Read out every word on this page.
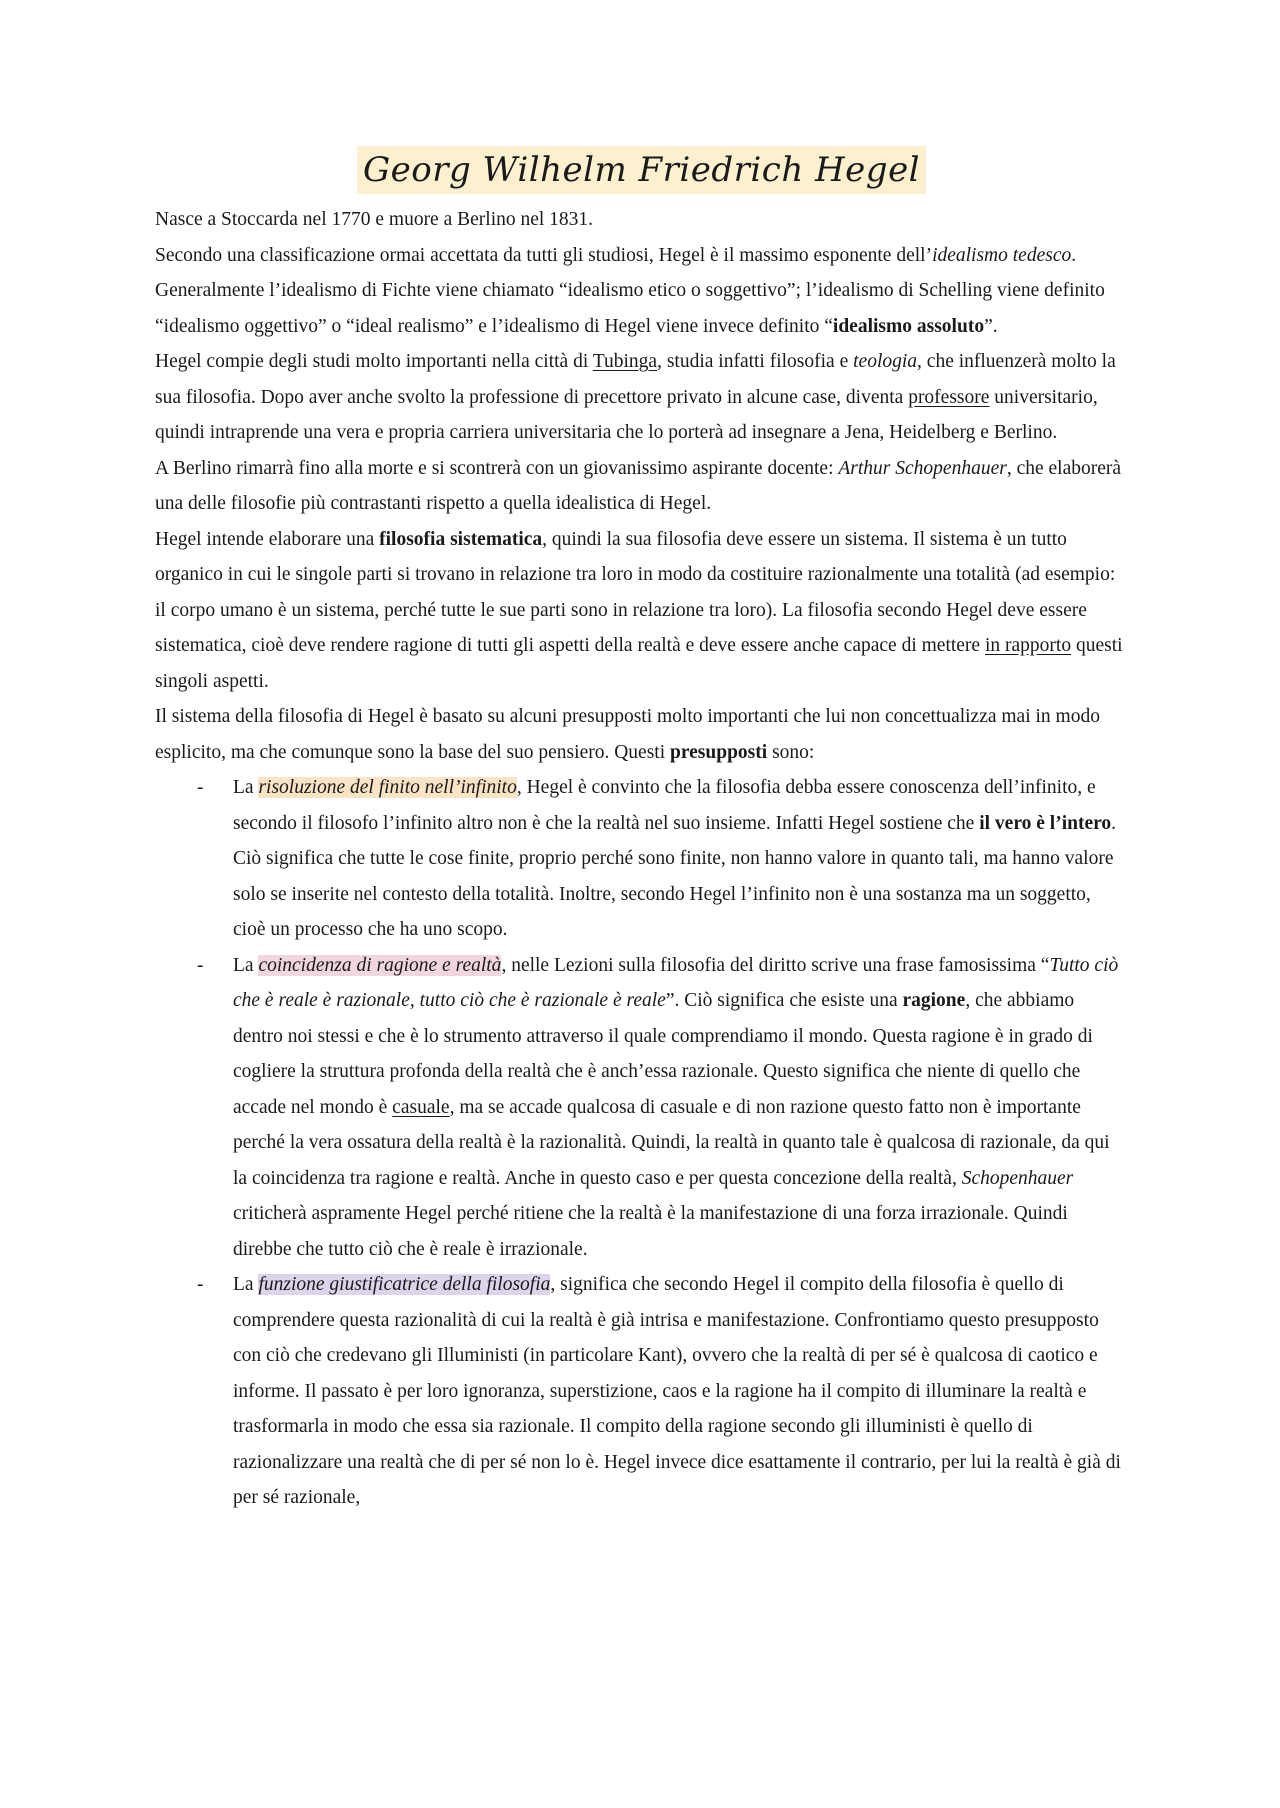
Georg Wilhelm Friedrich Hegel

Nasce a Stoccarda nel 1770 e muore a Berlino nel 1831.

Secondo una classificazione ormai accettata da tutti gli studiosi, Hegel è il massimo esponente dell’idealismo tedesco. Generalmente l’idealismo di Fichte viene chiamato “idealismo etico o soggettivo”; l’idealismo di Schelling viene definito “idealismo oggettivo” o “ideal realismo” e l’idealismo di Hegel viene invece definito “idealismo assoluto”.

Hegel compie degli studi molto importanti nella città di Tubinga, studia infatti filosofia e teologia, che influenzerà molto la sua filosofia. Dopo aver anche svolto la professione di precettore privato in alcune case, diventa professore universitario, quindi intraprende una vera e propria carriera universitaria che lo porterà ad insegnare a Jena, Heidelberg e Berlino.

A Berlino rimarrà fino alla morte e si scontrerà con un giovanissimo aspirante docente: Arthur Schopenhauer, che elaborerà una delle filosofie più contrastanti rispetto a quella idealistica di Hegel.

Hegel intende elaborare una filosofia sistematica, quindi la sua filosofia deve essere un sistema. Il sistema è un tutto organico in cui le singole parti si trovano in relazione tra loro in modo da costituire razionalmente una totalità (ad esempio: il corpo umano è un sistema, perché tutte le sue parti sono in relazione tra loro). La filosofia secondo Hegel deve essere sistematica, cioè deve rendere ragione di tutti gli aspetti della realtà e deve essere anche capace di mettere in rapporto questi singoli aspetti.

Il sistema della filosofia di Hegel è basato su alcuni presupposti molto importanti che lui non concettualizza mai in modo esplicito, ma che comunque sono la base del suo pensiero. Questi presupposti sono:

- La risoluzione del finito nell’infinito, Hegel è convinto che la filosofia debba essere conoscenza dell’infinito, e secondo il filosofo l’infinito altro non è che la realtà nel suo insieme. Infatti Hegel sostiene che il vero è l’intero. Ciò significa che tutte le cose finite, proprio perché sono finite, non hanno valore in quanto tali, ma hanno valore solo se inserite nel contesto della totalità. Inoltre, secondo Hegel l’infinito non è una sostanza ma un soggetto, cioè un processo che ha uno scopo.
- La coincidenza di ragione e realtà, nelle Lezioni sulla filosofia del diritto scrive una frase famosissima “Tutto ciò che è reale è razionale, tutto ciò che è razionale è reale”. Ciò significa che esiste una ragione, che abbiamo dentro noi stessi e che è lo strumento attraverso il quale comprendiamo il mondo. Questa ragione è in grado di cogliere la struttura profonda della realtà che è anch’essa razionale. Questo significa che niente di quello che accade nel mondo è casuale, ma se accade qualcosa di casuale e di non razione questo fatto non è importante perché la vera ossatura della realtà è la razionalità. Quindi, la realtà in quanto tale è qualcosa di razionale, da qui la coincidenza tra ragione e realtà. Anche in questo caso e per questa concezione della realtà, Schopenhauer criticherà aspramente Hegel perché ritiene che la realtà è la manifestazione di una forza irrazionale. Quindi direbbe che tutto ciò che è reale è irrazionale.
- La funzione giustificatrice della filosofia, significa che secondo Hegel il compito della filosofia è quello di comprendere questa razionalità di cui la realtà è già intrisa e manifestazione. Confrontiamo questo presupposto con ciò che credevano gli Illuministi (in particolare Kant), ovvero che la realtà di per sé è qualcosa di caotico e informe. Il passato è per loro ignoranza, superstizione, caos e la ragione ha il compito di illuminare la realtà e trasformarla in modo che essa sia razionale. Il compito della ragione secondo gli illuministi è quello di razionalizzare una realtà che di per sé non lo è. Hegel invece dice esattamente il contrario, per lui la realtà è già di per sé razionale,
